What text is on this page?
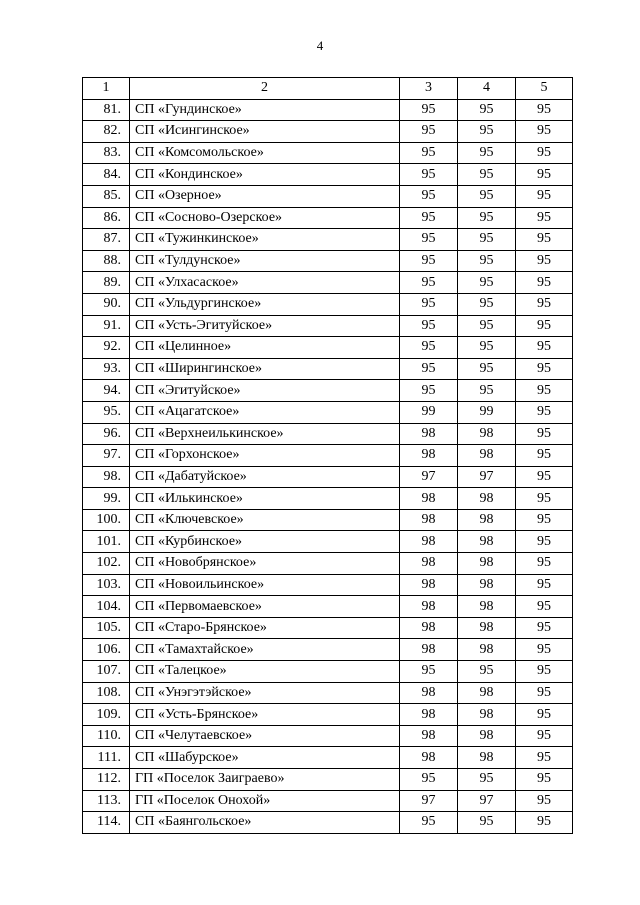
4
1	2	3	4	5
81.	СП «Гундинское»	95	95	95
82.	СП «Исингинское»	95	95	95
83.	СП «Комсомольское»	95	95	95
84.	СП «Кондинское»	95	95	95
85.	СП «Озерное»	95	95	95
86.	СП «Сосново-Озерское»	95	95	95
87.	СП «Тужинкинское»	95	95	95
88.	СП «Тулдунское»	95	95	95
89.	СП «Улхасаское»	95	95	95
90.	СП «Ульдургинское»	95	95	95
91.	СП «Усть-Эгитуйское»	95	95	95
92.	СП «Целинное»	95	95	95
93.	СП «Ширингинское»	95	95	95
94.	СП «Эгитуйское»	95	95	95
95.	СП «Ацагатское»	99	99	95
96.	СП «Верхнеилькинское»	98	98	95
97.	СП «Горхонское»	98	98	95
98.	СП «Дабатуйское»	97	97	95
99.	СП «Илькинское»	98	98	95
100.	СП «Ключевское»	98	98	95
101.	СП «Курбинское»	98	98	95
102.	СП «Новобрянское»	98	98	95
103.	СП «Новоильинское»	98	98	95
104.	СП «Первомаевское»	98	98	95
105.	СП «Старо-Брянское»	98	98	95
106.	СП «Тамахтайское»	98	98	95
107.	СП «Талецкое»	95	95	95
108.	СП «Унэгэтэйское»	98	98	95
109.	СП «Усть-Брянское»	98	98	95
110.	СП «Челутаевское»	98	98	95
111.	СП «Шабурское»	98	98	95
112.	ГП «Поселок Заиграево»	95	95	95
113.	ГП «Поселок Онохой»	97	97	95
114.	СП «Баянгольское»	95	95	95
